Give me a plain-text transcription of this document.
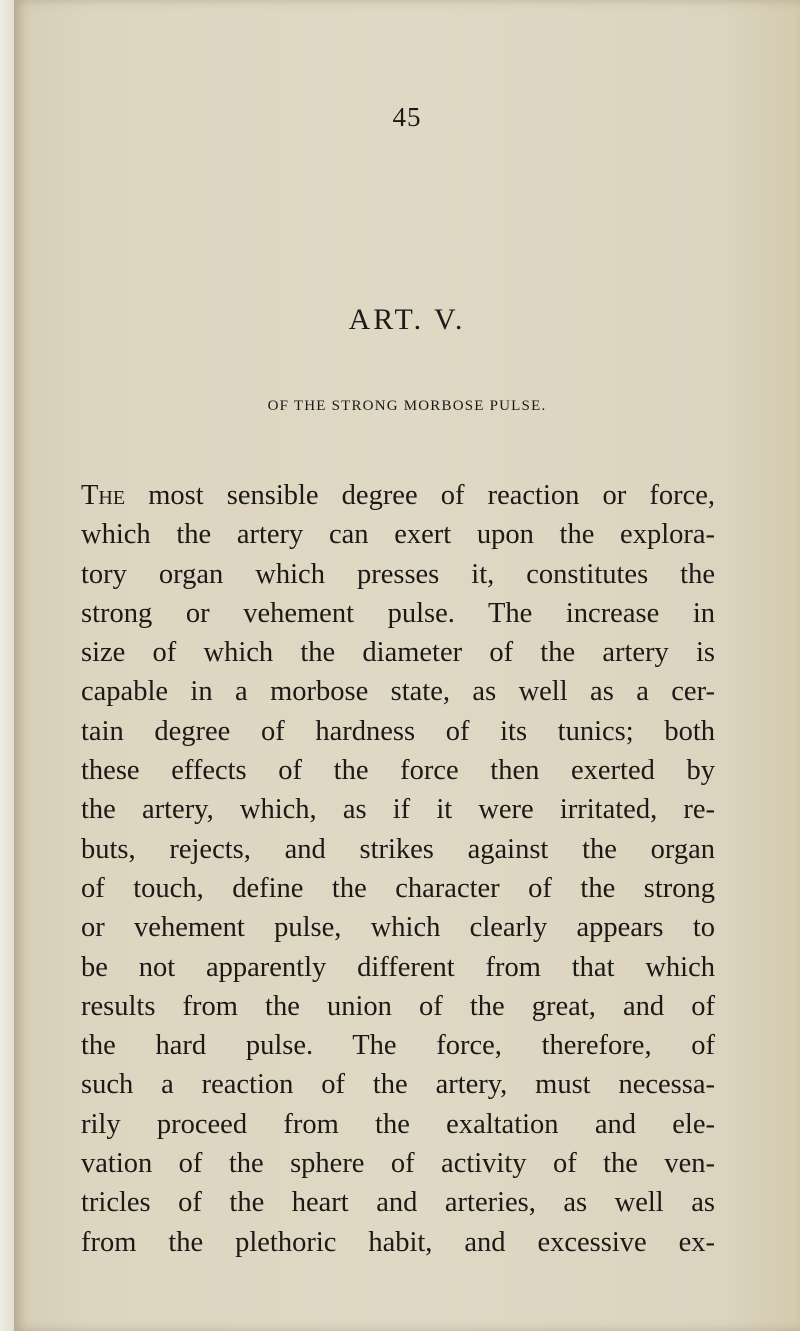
45
ART. V.
OF THE STRONG MORBOSE PULSE.
The most sensible degree of reaction or force,
which the artery can exert upon the explora-
tory organ which presses it, constitutes the
strong or vehement pulse. The increase in
size of which the diameter of the artery is
capable in a morbose state, as well as a cer-
tain degree of hardness of its tunics; both
these effects of the force then exerted by
the artery, which, as if it were irritated, re-
buts, rejects, and strikes against the organ
of touch, define the character of the strong
or vehement pulse, which clearly appears to
be not apparently different from that which
results from the union of the great, and of
the hard pulse. The force, therefore, of
such a reaction of the artery, must necessa-
rily proceed from the exaltation and ele-
vation of the sphere of activity of the ven-
tricles of the heart and arteries, as well as
from the plethoric habit, and excessive ex-
